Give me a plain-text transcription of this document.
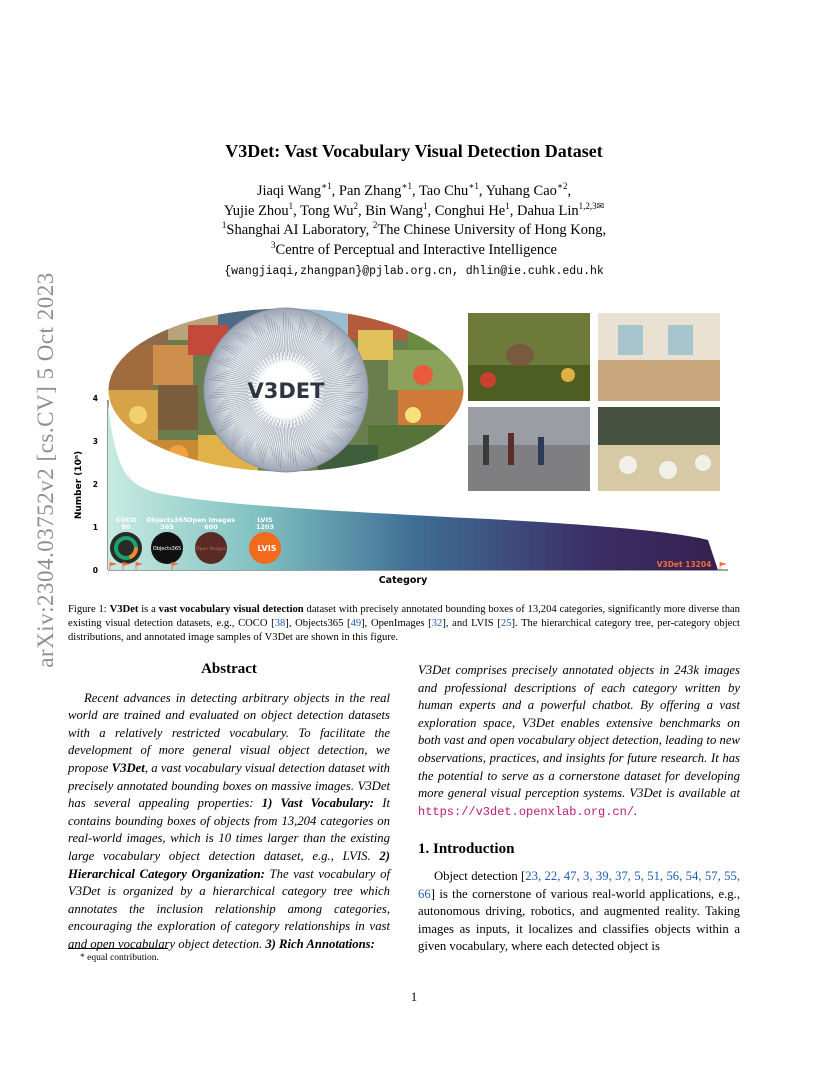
arXiv:2304.03752v2 [cs.CV] 5 Oct 2023
V3Det: Vast Vocabulary Visual Detection Dataset
Jiaqi Wang$^{∗1}$, Pan Zhang$^{∗1}$, Tao Chu$^{∗1}$, Yuhang Cao$^{∗2}$,
Yujie Zhou$^1$, Tong Wu$^2$, Bin Wang$^1$, Conghui He$^1$, Dahua Lin$^{1,2,3✉}$
$^1$Shanghai AI Laboratory, $^2$The Chinese University of Hong Kong,
$^3$Centre of Perceptual and Interactive Intelligence
{wangjiaqi,zhangpan}@pjlab.org.cn, dhlin@ie.cuhk.edu.hk
V3DET
0
1
2
3
4
Number (10ⁿ)
Category
COCO
80
Objects365
365
Open Images
600
LVIS
1203
Objects365	Open Images	LVIS
V3Det 13204
Figure 1: V3Det is a vast vocabulary visual detection dataset with precisely annotated bounding boxes of 13,204 categories, significantly more diverse than existing visual detection datasets, e.g., COCO [38], Objects365 [49], OpenImages [32], and LVIS [25]. The hierarchical category tree, per-category object distributions, and annotated image samples of V3Det are shown in this figure.
Abstract
Recent advances in detecting arbitrary objects in the real world are trained and evaluated on object detection datasets with a relatively restricted vocabulary. To facilitate the development of more general visual object detection, we propose V3Det, a vast vocabulary visual detection dataset with precisely annotated bounding boxes on massive images. V3Det has several appealing properties: 1) Vast Vocabulary: It contains bounding boxes of objects from 13,204 categories on real-world images, which is 10 times larger than the existing large vocabulary object detection dataset, e.g., LVIS. 2) Hierarchical Category Organization: The vast vocabulary of V3Det is organized by a hierarchical category tree which annotates the inclusion relationship among categories, encouraging the exploration of category relationships in vast and open vocabulary object detection. 3) Rich Annotations:
V3Det comprises precisely annotated objects in 243k images and professional descriptions of each category written by human experts and a powerful chatbot. By offering a vast exploration space, V3Det enables extensive benchmarks on both vast and open vocabulary object detection, leading to new observations, practices, and insights for future research. It has the potential to serve as a cornerstone dataset for developing more general visual perception systems. V3Det is available at https://v3det.openxlab.org.cn/.
1. Introduction
Object detection [23, 22, 47, 3, 39, 37, 5, 51, 56, 54, 57, 55, 66] is the cornerstone of various real-world applications, e.g., autonomous driving, robotics, and augmented reality. Taking images as inputs, it localizes and classifies objects within a given vocabulary, where each detected object is
* equal contribution.
1
